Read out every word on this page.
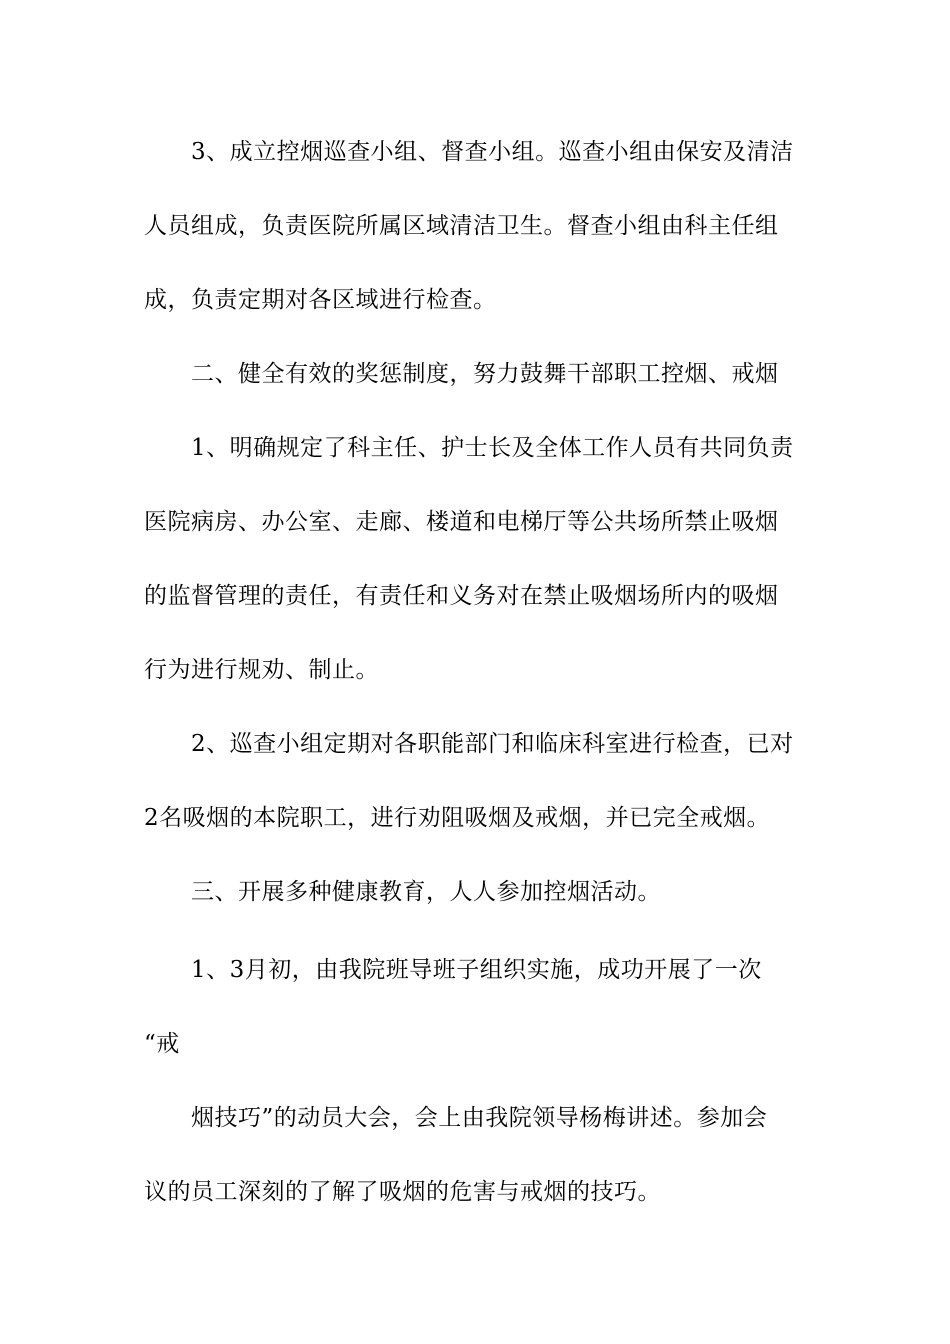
3、成立控烟巡查小组、督查小组。巡查小组由保安及清洁
人员组成，负责医院所属区域清洁卫生。督查小组由科主任组
成，负责定期对各区域进行检查。
二、健全有效的奖惩制度，努力鼓舞干部职工控烟、戒烟
1、明确规定了科主任、护士长及全体工作人员有共同负责
医院病房、办公室、走廊、楼道和电梯厅等公共场所禁止吸烟
的监督管理的责任，有责任和义务对在禁止吸烟场所内的吸烟
行为进行规劝、制止。
2、巡查小组定期对各职能部门和临床科室进行检查，已对
2名吸烟的本院职工，进行劝阻吸烟及戒烟，并已完全戒烟。
三、开展多种健康教育，人人参加控烟活动。
1、3月初，由我院班导班子组织实施，成功开展了一次
“戒
烟技巧”的动员大会，会上由我院领导杨梅讲述。参加会
议的员工深刻的了解了吸烟的危害与戒烟的技巧。
